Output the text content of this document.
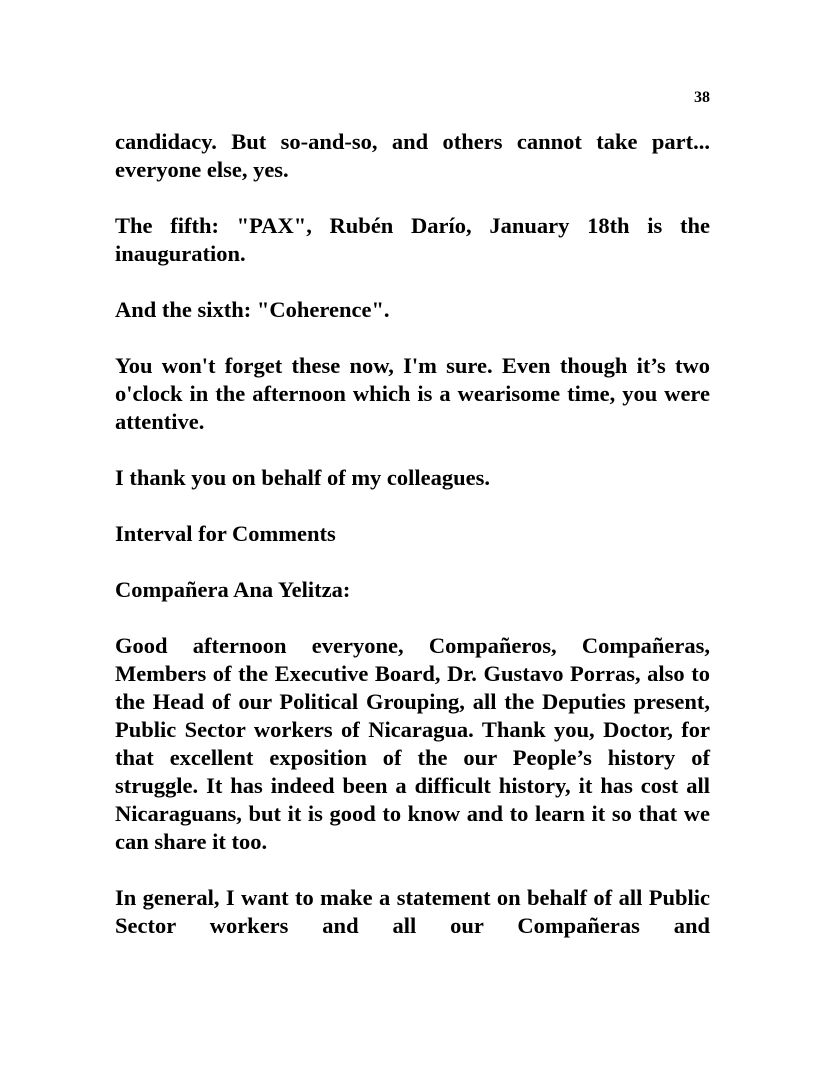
38

candidacy. But so-and-so, and others cannot take part... everyone else, yes.

The fifth: "PAX", Rubén Darío, January 18th is the inauguration.

And the sixth: "Coherence".

You won't forget these now, I'm sure. Even though it’s two o'clock in the afternoon which is a wearisome time, you were attentive.

I thank you on behalf of my colleagues.

Interval for Comments

Compañera Ana Yelitza:

Good afternoon everyone, Compañeros, Compañeras, Members of the Executive Board, Dr. Gustavo Porras, also to the Head of our Political Grouping, all the Deputies present, Public Sector workers of Nicaragua. Thank you, Doctor, for that excellent exposition of the our People’s history of struggle. It has indeed been a difficult history, it has cost all Nicaraguans, but it is good to know and to learn it so that we can share it too.

In general, I want to make a statement on behalf of all Public Sector workers and all our Compañeras and
